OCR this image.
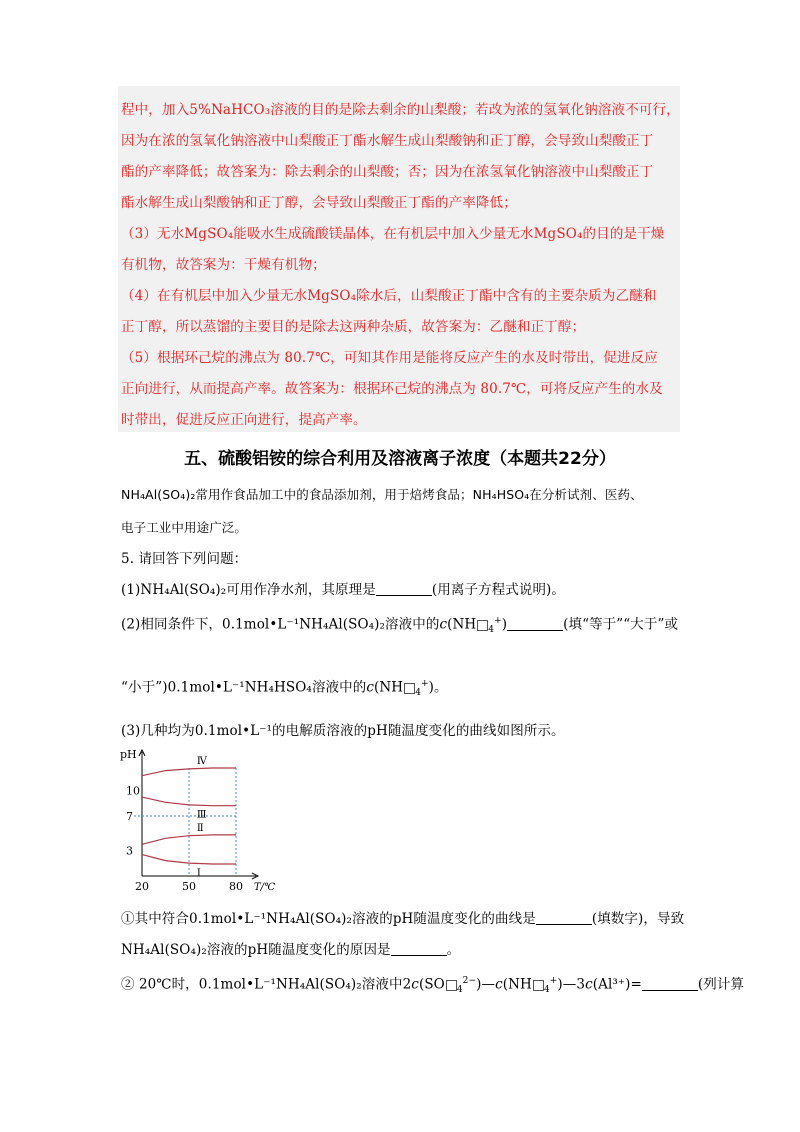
程中，加入5%NaHCO₃溶液的目的是除去剩余的山梨酸；若改为浓的氢氧化钠溶液不可行，
因为在浓的氢氧化钠溶液中山梨酸正丁酯水解生成山梨酸钠和正丁醇，会导致山梨酸正丁
酯的产率降低；故答案为：除去剩余的山梨酸；否；因为在浓氢氧化钠溶液中山梨酸正丁
酯水解生成山梨酸钠和正丁醇，会导致山梨酸正丁酯的产率降低；
（3）无水MgSO₄能吸水生成硫酸镁晶体，在有机层中加入少量无水MgSO₄的目的是干燥
有机物，故答案为：干燥有机物；
（4）在有机层中加入少量无水MgSO₄除水后，山梨酸正丁酯中含有的主要杂质为乙醚和
正丁醇，所以蒸馏的主要目的是除去这两种杂质，故答案为：乙醚和正丁醇；
（5）根据环己烷的沸点为 80.7℃，可知其作用是能将反应产生的水及时带出，促进反应
正向进行，从而提高产率。故答案为：根据环己烷的沸点为 80.7℃，可将反应产生的水及
时带出，促进反应正向进行，提高产率。
五、硫酸铝铵的综合利用及溶液离子浓度（本题共22分）
NH₄Al(SO₄)₂常用作食品加工中的食品添加剂，用于焙烤食品；NH₄HSO₄在分析试剂、医药、
电子工业中用途广泛。
5. 请回答下列问题：
(1)NH₄Al(SO₄)₂可用作净水剂，其原理是	(用离子方程式说明)。
(2)相同条件下，0.1mol•L⁻¹NH₄Al(SO₄)₂溶液中的c(NH $_4$+)	(填“等于”“大于”或
“小于”)0.1mol•L⁻¹NH₄HSO₄溶液中的c(NH $_4$+)。
(3)几种均为0.1mol•L⁻¹的电解质溶液的pH随温度变化的曲线如图所示。
pH
T/℃
20	50	80
3
7
10
Ⅳ
Ⅲ
Ⅱ
Ⅰ
①其中符合0.1mol•L⁻¹NH₄Al(SO₄)₂溶液的pH随温度变化的曲线是	(填数字)，导致
NH₄Al(SO₄)₂溶液的pH随温度变化的原因是	。
② 20℃时，0.1mol•L⁻¹NH₄Al(SO₄)₂溶液中2c(SO $_4^{2-}$)—c(NH $_4$+)—3c(Al³⁺)=	(列计算
